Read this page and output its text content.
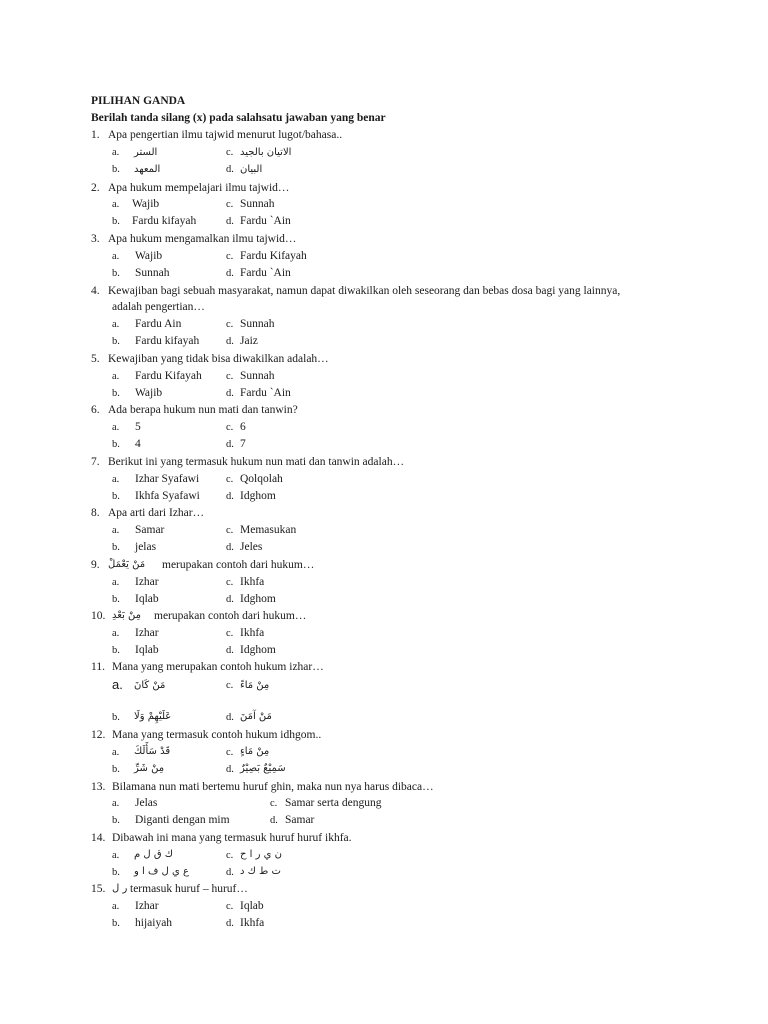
PILIHAN GANDA
Berilah tanda silang (x) pada salahsatu jawaban yang benar
1. Apa pengertian ilmu tajwid menurut lugot/bahasa..
a. الستر	c. الاتيان بالجيد
b. المعهد	d. البيان
2. Apa hukum mempelajari ilmu tajwid…
a. Wajib	c. Sunnah
b. Fardu kifayah	d. Fardu `Ain
3. Apa hukum mengamalkan ilmu tajwid…
a. Wajib	c. Fardu Kifayah
b. Sunnah	d. Fardu `Ain
4. Kewajiban bagi sebuah masyarakat, namun dapat diwakilkan oleh seseorang dan bebas dosa bagi yang lainnya,
adalah pengertian…
a. Fardu Ain	c. Sunnah
b. Fardu kifayah	d. Jaiz
5. Kewajiban yang tidak bisa diwakilkan adalah…
a. Fardu Kifayah c. Sunnah
b. Wajib	d. Fardu `Ain
6. Ada berapa hukum nun mati dan tanwin?
a. 5	c. 6
b. 4	d. 7
7. Berikut ini yang termasuk hukum nun mati dan tanwin adalah…
a. Izhar Syafawi	c. Qolqolah
b. Ikhfa Syafawi d. Idghom
8. Apa arti dari Izhar…
a. Samar	c. Memasukan
b. jelas	d. Jeles
9. مَنْ يَعْمَلْ merupakan contoh dari hukum…
a. Izhar	c. Ikhfa
b. Iqlab	d. Idghom
10. مِنْ بَعْدِ merupakan contoh dari hukum…
a. Izhar	c. Ikhfa
b. Iqlab	d. Idghom
11. Mana yang merupakan contoh hukum izhar…
a. مَنْ كَانَ	c. مِنْ مَاءً
b. عَلَيْهِمْ وَلَا	d. مَنْ آمَنَ
12. Mana yang termasuk contoh hukum idhgom..
a. قَدْ سَأَلَكَ	c. مِنْ مَاءٍ
b. مِنْ شَرِّ	d. سَمِيْعٌ بَصِيْرٌ
13. Bilamana nun mati bertemu huruf ghin, maka nun nya harus dibaca…
a. Jelas	c. Samar serta dengung
b. Diganti dengan mim	d. Samar
14. Dibawah ini mana yang termasuk huruf huruf ikhfa.
a. ك ق ل م	c. ن ي ر ا ح
b. ع ي ل ف ا و	d. ت ط ك د
15. ر ل termasuk huruf – huruf…
a. Izhar	c. Iqlab
b. hijaiyah	d. Ikhfa
